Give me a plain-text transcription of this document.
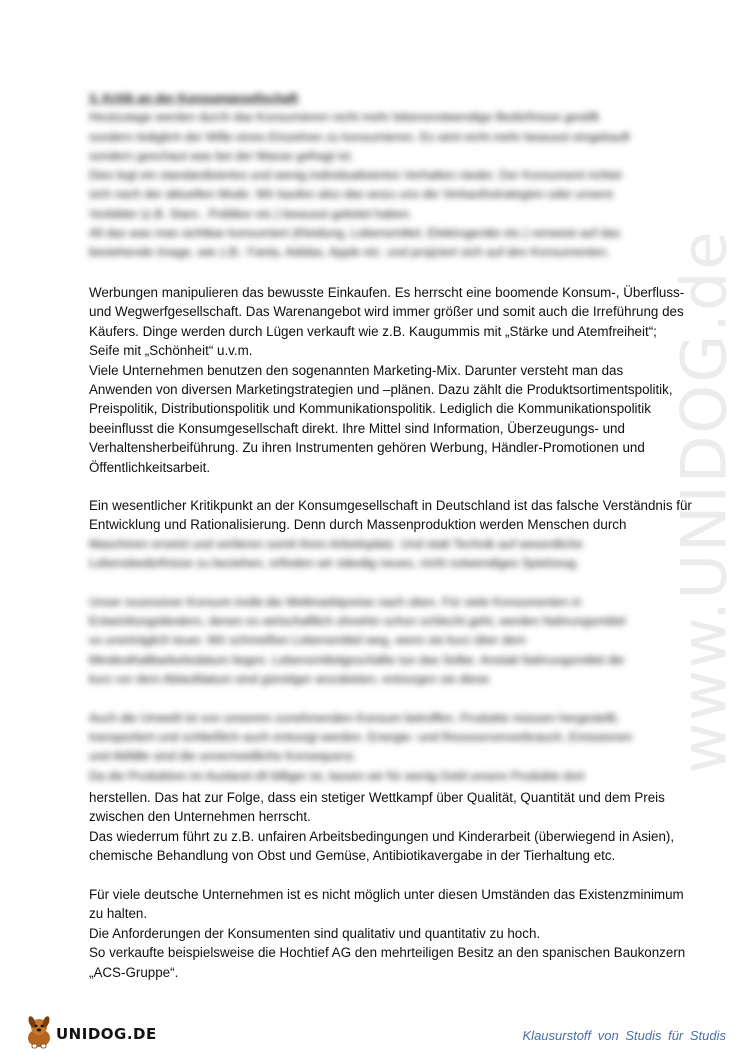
3. Kritik an der Konsumgesellschaft

Heutzutage werden durch das Konsumieren nicht mehr lebensnotwendige Bedürfnisse gestillt

sondern lediglich der Wille eines Einzelnen zu konsumieren. Es wird nicht mehr bewusst eingekauft

sondern geschaut was bei der Masse gefragt ist.

Dies legt ein standardisiertes und wenig individualisiertes Verhalten nieder. Der Konsument richtet

sich nach der aktuellen Mode. Wir kaufen also das wozu uns die Verkaufsstrategien oder unsere

Vorbilder (z.B. Stars , Politiker etc.) bewusst geleitet haben.

All das was man sichtbar konsumiert (Kleidung, Lebensmittel, Elektrogeräte etc.) verweist auf das

bestehende Image, wie z.B.: Fanta, Adidas, Apple etc. und projiziert sich auf den Konsumenten.

Werbungen manipulieren das bewusste Einkaufen. Es herrscht eine boomende Konsum-, Überfluss-

und Wegwerfgesellschaft. Das Warenangebot wird immer größer und somit auch die Irreführung des

Käufers. Dinge werden durch Lügen verkauft wie z.B. Kaugummis mit „Stärke und Atemfreiheit“;

Seife mit „Schönheit“ u.v.m.

Viele Unternehmen benutzen den sogenannten Marketing-Mix. Darunter versteht man das

Anwenden von diversen Marketingstrategien und –plänen. Dazu zählt die Produktsortimentspolitik,

Preispolitik, Distributionspolitik und Kommunikationspolitik. Lediglich die Kommunikationspolitik

beeinflusst die Konsumgesellschaft direkt. Ihre Mittel sind Information, Überzeugungs- und

Verhaltensherbeiführung. Zu ihren Instrumenten gehören Werbung, Händler-Promotionen und

Öffentlichkeitsarbeit.

Ein wesentlicher Kritikpunkt an der Konsumgesellschaft in Deutschland ist das falsche Verständnis für

Entwicklung und Rationalisierung. Denn durch Massenproduktion werden Menschen durch

Maschinen ersetzt und verlieren somit ihren Arbeitsplatz. Und statt Technik auf wesentliche

Lebensbedürfnisse zu beziehen, erfinden wir ständig neues, nicht notwendiges Spielzeug.

Unser exzessiver Konsum treibt die Weltmarktpreise nach oben. Für viele Konsumenten in

Entwicklungsländern, denen es wirtschaftlich ohnehin schon schlecht geht, werden Nahrungsmittel

so unerträglich teuer. Wir schmeißen Lebensmittel weg, wenn sie kurz über dem

Mindesthaltbarkeitsdatum liegen. Lebensmittelgeschäfte tun das Selbe. Anstatt Nahrungsmittel die

kurz vor dem Ablaufdatum sind günstiger anzubieten, entsorgen sie diese.

Auch die Umwelt ist von unserem zunehmenden Konsum betroffen. Produkte müssen hergestellt,

transportiert und schließlich auch entsorgt werden. Energie- und Ressourcenverbrauch, Emissionen

und Abfälle sind die unvermeidliche Konsequenz.

Da die Produktion im Ausland oft billiger ist, lassen wir für wenig Geld unsere Produkte dort

herstellen. Das hat zur Folge, dass ein stetiger Wettkampf über Qualität, Quantität und dem Preis

zwischen den Unternehmen herrscht.

Das wiederrum führt zu z.B. unfairen Arbeitsbedingungen und Kinderarbeit (überwiegend in Asien),

chemische Behandlung von Obst und Gemüse, Antibiotikavergabe in der Tierhaltung etc.

Für viele deutsche Unternehmen ist es nicht möglich unter diesen Umständen das Existenzminimum

zu halten.

Die Anforderungen der Konsumenten sind qualitativ und quantitativ zu hoch.

So verkaufte beispielsweise die Hochtief AG den mehrteiligen Besitz an den spanischen Baukonzern

„ACS-Gruppe“.

www.UNIDOG.de
UNIDOG.DE	Klausurstoff von Studis für Studis
